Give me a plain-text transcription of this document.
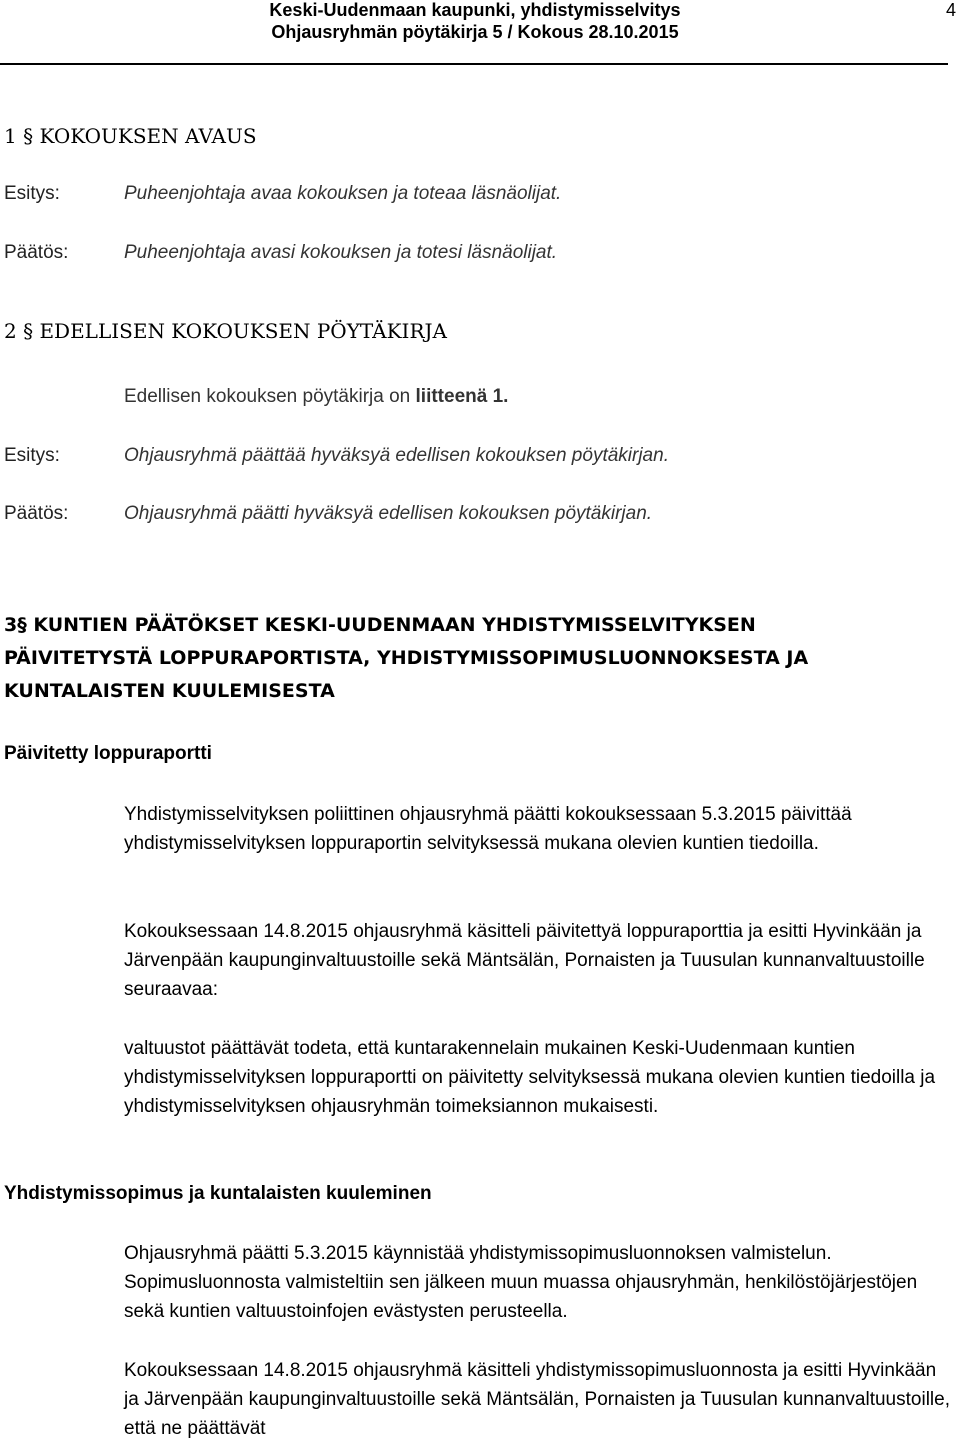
Keski-Uudenmaan kaupunki, yhdistymisselvitys
Ohjausryhmän pöytäkirja 5 / Kokous 28.10.2015
4
1 § KOKOUKSEN AVAUS
Esitys:	Puheenjohtaja avaa kokouksen ja toteaa läsnäolijat.
Päätös:	Puheenjohtaja avasi kokouksen ja totesi läsnäolijat.
2 § EDELLISEN KOKOUKSEN PÖYTÄKIRJA
Edellisen kokouksen pöytäkirja on liitteenä 1.
Esitys:	Ohjausryhmä päättää hyväksyä edellisen kokouksen pöytäkirjan.
Päätös:	Ohjausryhmä päätti hyväksyä edellisen kokouksen pöytäkirjan.
3§ KUNTIEN PÄÄTÖKSET KESKI-UUDENMAAN YHDISTYMISSELVITYKSEN
PÄIVITETYSTÄ LOPPURAPORTISTA, YHDISTYMISSOPIMUSLUONNOKSESTA JA
KUNTALAISTEN KUULEMISESTA
Päivitetty loppuraportti
Yhdistymisselvityksen poliittinen ohjausryhmä päätti kokouksessaan 5.3.2015 päivittää yhdistymisselvityksen loppuraportin selvityksessä mukana olevien kuntien tiedoilla.
Kokouksessaan 14.8.2015 ohjausryhmä käsitteli päivitettyä loppuraporttia ja esitti Hyvinkään ja Järvenpään kaupunginvaltuustoille sekä Mäntsälän, Pornaisten ja Tuusulan kunnanvaltuustoille seuraavaa:
valtuustot päättävät todeta, että kuntarakennelain mukainen Keski-Uudenmaan kuntien yhdistymisselvityksen loppuraportti on päivitetty selvityksessä mukana olevien kuntien tiedoilla ja yhdistymisselvityksen ohjausryhmän toimeksiannon mukaisesti.
Yhdistymissopimus ja kuntalaisten kuuleminen
Ohjausryhmä päätti 5.3.2015 käynnistää yhdistymissopimusluonnoksen valmistelun. Sopimusluonnosta valmisteltiin sen jälkeen muun muassa ohjausryhmän, henkilöstöjärjestöjen sekä kuntien valtuustoinfojen evästysten perusteella.
Kokouksessaan 14.8.2015 ohjausryhmä käsitteli yhdistymissopimusluonnosta ja esitti Hyvinkään ja Järvenpään kaupunginvaltuustoille sekä Mäntsälän, Pornaisten ja Tuusulan kunnanvaltuustoille, että ne päättävät
